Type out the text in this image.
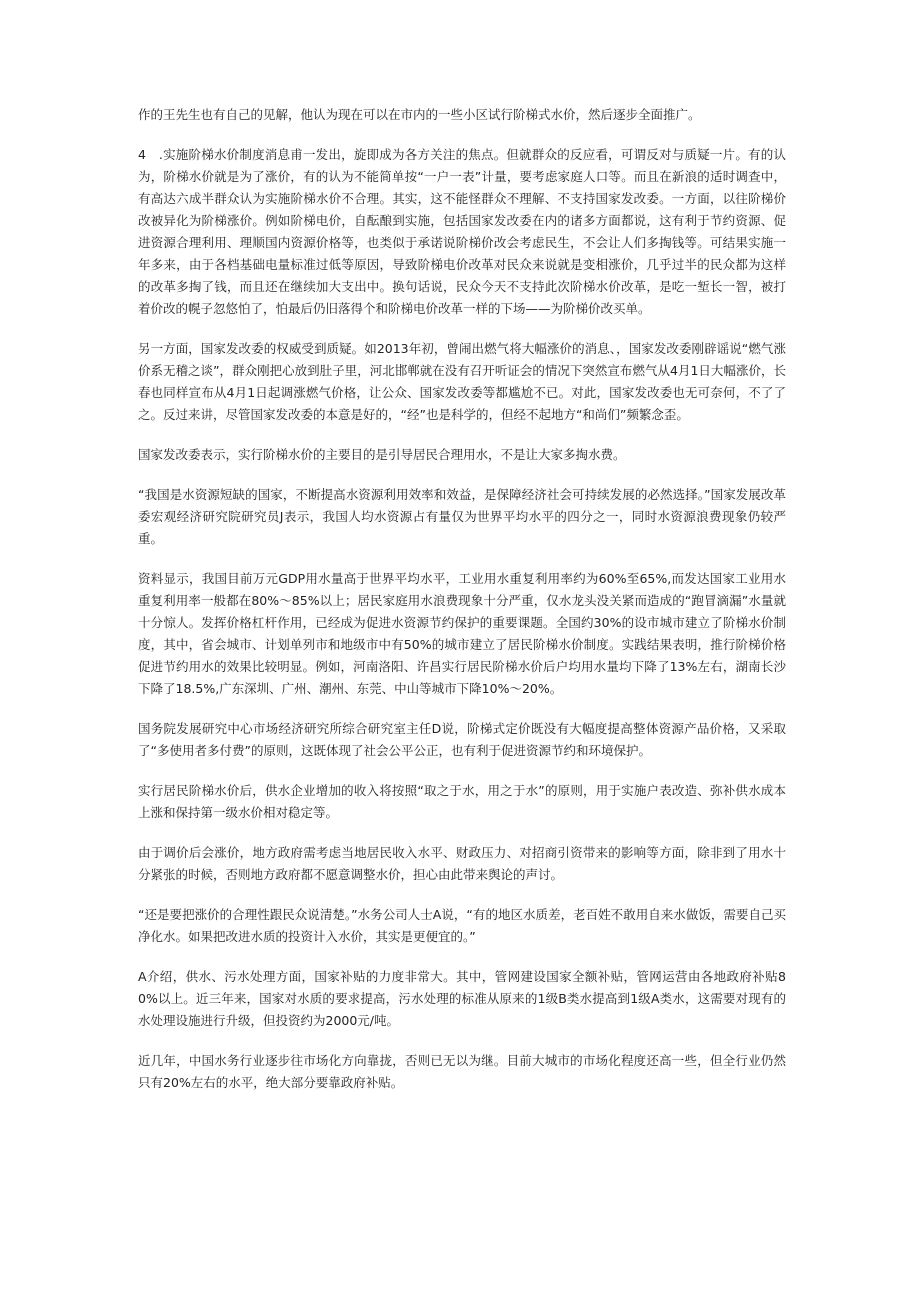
作的王先生也有自己的见解，他认为现在可以在市内的一些小区试行阶梯式水价，然后逐步全面推广。

4　.实施阶梯水价制度消息甫一发出，旋即成为各方关注的焦点。但就群众的反应看，可谓反对与质疑一片。有的认为，阶梯水价就是为了涨价，有的认为不能简单按“一户一表”计量，要考虑家庭人口等。而且在新浪的适时调查中，有高达六成半群众认为实施阶梯水价不合理。其实，这不能怪群众不理解、不支持国家发改委。一方面，以往阶梯价改被异化为阶梯涨价。例如阶梯电价，自酝酿到实施，包括国家发改委在内的诸多方面都说，这有利于节约资源、促进资源合理利用、理顺国内资源价格等，也类似于承诺说阶梯价改会考虑民生，不会让人们多掏钱等。可结果实施一年多来，由于各档基础电量标准过低等原因，导致阶梯电价改革对民众来说就是变相涨价，几乎过半的民众都为这样的改革多掏了钱，而且还在继续加大支出中。换句话说，民众今天不支持此次阶梯水价改革，是吃一堑长一智，被打着价改的幌子忽悠怕了，怕最后仍旧落得个和阶梯电价改革一样的下场——为阶梯价改买单。

另一方面，国家发改委的权威受到质疑。如2013年初，曾闹出燃气将大幅涨价的消息、，国家发改委刚辟谣说“燃气涨价系无稽之谈”，群众刚把心放到肚子里，河北邯郸就在没有召开听证会的情况下突然宣布燃气从4月1日大幅涨价，长春也同样宣布从4月1日起调涨燃气价格，让公众、国家发改委等都尴尬不已。对此，国家发改委也无可奈何，不了了之。反过来讲，尽管国家发改委的本意是好的，“经”也是科学的，但经不起地方“和尚们”频繁念歪。

国家发改委表示，实行阶梯水价的主要目的是引导居民合理用水，不是让大家多掏水费。

“我国是水资源短缺的国家，不断提高水资源利用效率和效益，是保障经济社会可持续发展的必然选择。”国家发展改革委宏观经济研究院研究员J表示，我国人均水资源占有量仅为世界平均水平的四分之一，同时水资源浪费现象仍较严重。

资料显示，我国目前万元GDP用水量高于世界平均水平，工业用水重复利用率约为60%至65%,而发达国家工业用水重复利用率一般都在80%～85%以上；居民家庭用水浪费现象十分严重，仅水龙头没关紧而造成的“跑冒滴漏”水量就十分惊人。发挥价格杠杆作用，已经成为促进水资源节约保护的重要课题。全国约30%的设市城市建立了阶梯水价制度，其中，省会城市、计划单列市和地级市中有50%的城市建立了居民阶梯水价制度。实践结果表明，推行阶梯价格促进节约用水的效果比较明显。例如，河南洛阳、许昌实行居民阶梯水价后户均用水量均下降了13%左右，湖南长沙下降了18.5%,广东深圳、广州、潮州、东莞、中山等城市下降10%～20%。

国务院发展研究中心市场经济研究所综合研究室主任D说，阶梯式定价既没有大幅度提高整体资源产品价格，又采取了“多使用者多付费”的原则，这既体现了社会公平公正，也有利于促进资源节约和环境保护。

实行居民阶梯水价后，供水企业增加的收入将按照“取之于水，用之于水”的原则，用于实施户表改造、弥补供水成本上涨和保持第一级水价相对稳定等。

由于调价后会涨价，地方政府需考虑当地居民收入水平、财政压力、对招商引资带来的影响等方面，除非到了用水十分紧张的时候，否则地方政府都不愿意调整水价，担心由此带来舆论的声讨。

“还是要把涨价的合理性跟民众说清楚。”水务公司人士A说，“有的地区水质差，老百姓不敢用自来水做饭，需要自己买净化水。如果把改进水质的投资计入水价，其实是更便宜的。”

A介绍，供水、污水处理方面，国家补贴的力度非常大。其中，管网建设国家全额补贴，管网运营由各地政府补贴80%以上。近三年来，国家对水质的要求提高，污水处理的标准从原来的1级B类水提高到1级A类水，这需要对现有的水处理设施进行升级，但投资约为2000元/吨。

近几年，中国水务行业逐步往市场化方向靠拢，否则已无以为继。目前大城市的市场化程度还高一些，但全行业仍然只有20%左右的水平，绝大部分要靠政府补贴。
